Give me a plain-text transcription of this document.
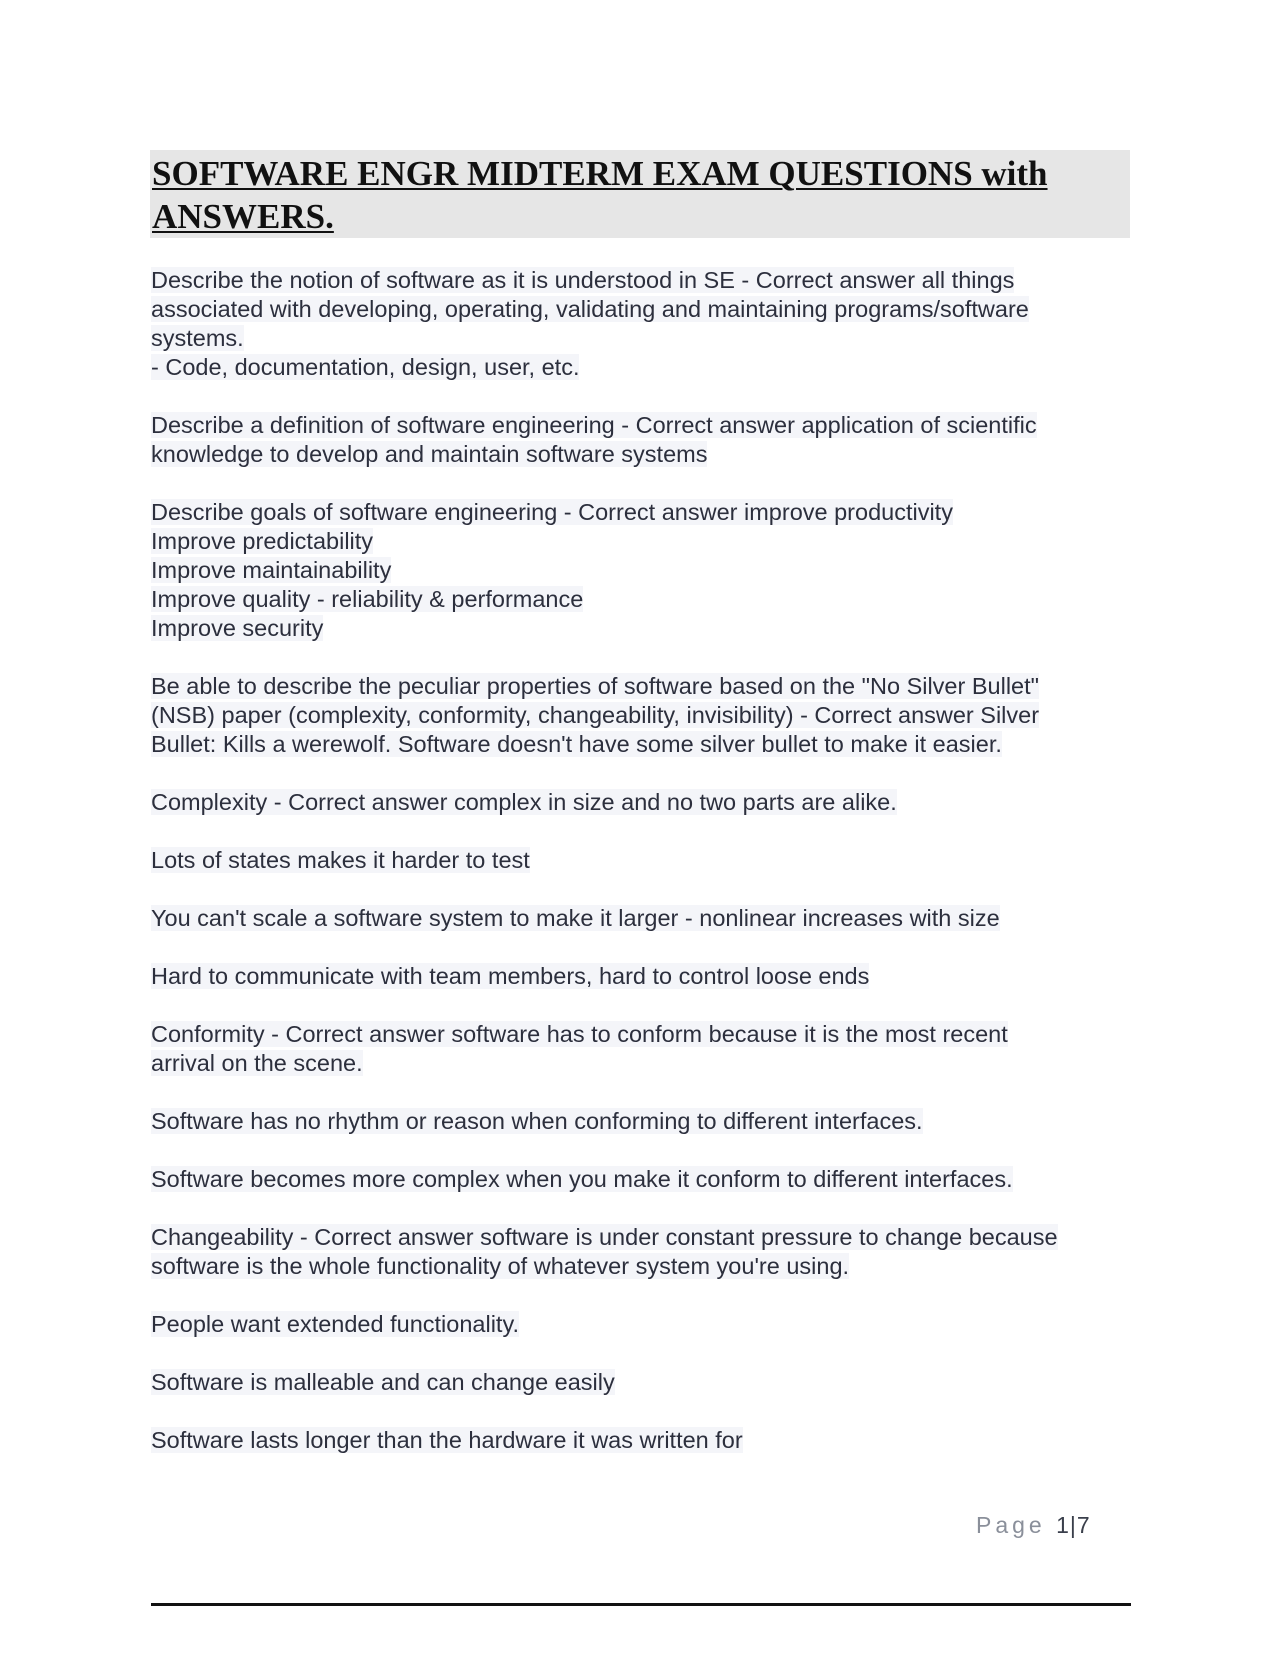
SOFTWARE ENGR MIDTERM EXAM QUESTIONS with
ANSWERS.

Describe the notion of software as it is understood in SE - Correct answer all things
associated with developing, operating, validating and maintaining programs/software
systems.
- Code, documentation, design, user, etc.

Describe a definition of software engineering - Correct answer application of scientific
knowledge to develop and maintain software systems

Describe goals of software engineering - Correct answer improve productivity
Improve predictability
Improve maintainability
Improve quality - reliability & performance
Improve security

Be able to describe the peculiar properties of software based on the "No Silver Bullet"
(NSB) paper (complexity, conformity, changeability, invisibility) - Correct answer Silver
Bullet: Kills a werewolf. Software doesn't have some silver bullet to make it easier.

Complexity - Correct answer complex in size and no two parts are alike.

Lots of states makes it harder to test

You can't scale a software system to make it larger - nonlinear increases with size

Hard to communicate with team members, hard to control loose ends

Conformity - Correct answer software has to conform because it is the most recent
arrival on the scene.

Software has no rhythm or reason when conforming to different interfaces.

Software becomes more complex when you make it conform to different interfaces.

Changeability - Correct answer software is under constant pressure to change because
software is the whole functionality of whatever system you're using.

People want extended functionality.

Software is malleable and can change easily

Software lasts longer than the hardware it was written for

Page 1|7
